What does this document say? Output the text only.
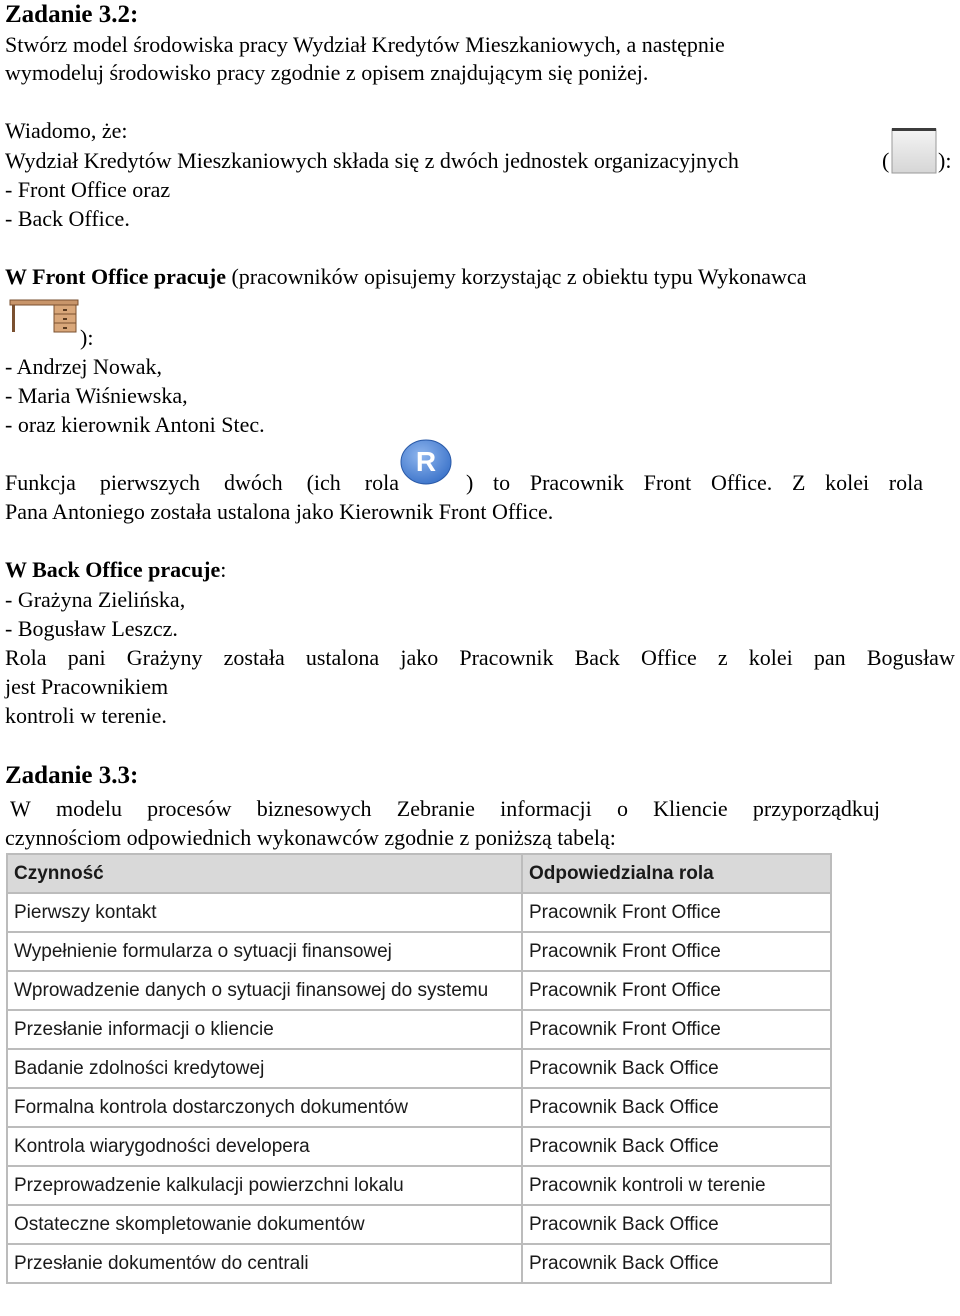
Zadanie 3.2:
Stwórz model środowiska pracy Wydział Kredytów Mieszkaniowych, a następnie
wymodeluj środowisko pracy zgodnie z opisem znajdującym się poniżej.
Wiadomo, że:
Wydział Kredytów Mieszkaniowych składa się z dwóch jednostek organizacyjnych	( ):
- Front Office oraz
- Back Office.
W Front Office pracuje (pracowników opisujemy korzystając z obiektu typu Wykonawca
):
- Andrzej Nowak,
- Maria Wiśniewska,
- oraz kierownik Antoni Stec.
Funkcja pierwszych dwóch (ich rola
R
) to Pracownik Front Office. Z kolei rola
Pana Antoniego została ustalona jako Kierownik Front Office.
W Back Office pracuje:
- Grażyna Zielińska,
- Bogusław Leszcz.
Rola pani Grażyny została ustalona jako Pracownik Back Office z kolei pan Bogusław
jest Pracownikiem
kontroli w terenie.
Zadanie 3.3:
W modelu procesów biznesowych Zebranie informacji o Kliencie przyporządkuj
czynnościom odpowiednich wykonawców zgodnie z poniższą tabelą:
Czynność	Odpowiedzialna rola
Pierwszy kontakt	Pracownik Front Office
Wypełnienie formularza o sytuacji finansowej	Pracownik Front Office
Wprowadzenie danych o sytuacji finansowej do systemu	Pracownik Front Office
Przesłanie informacji o kliencie	Pracownik Front Office
Badanie zdolności kredytowej	Pracownik Back Office
Formalna kontrola dostarczonych dokumentów	Pracownik Back Office
Kontrola wiarygodności developera	Pracownik Back Office
Przeprowadzenie kalkulacji powierzchni lokalu	Pracownik kontroli w terenie
Ostateczne skompletowanie dokumentów	Pracownik Back Office
Przesłanie dokumentów do centrali	Pracownik Back Office
